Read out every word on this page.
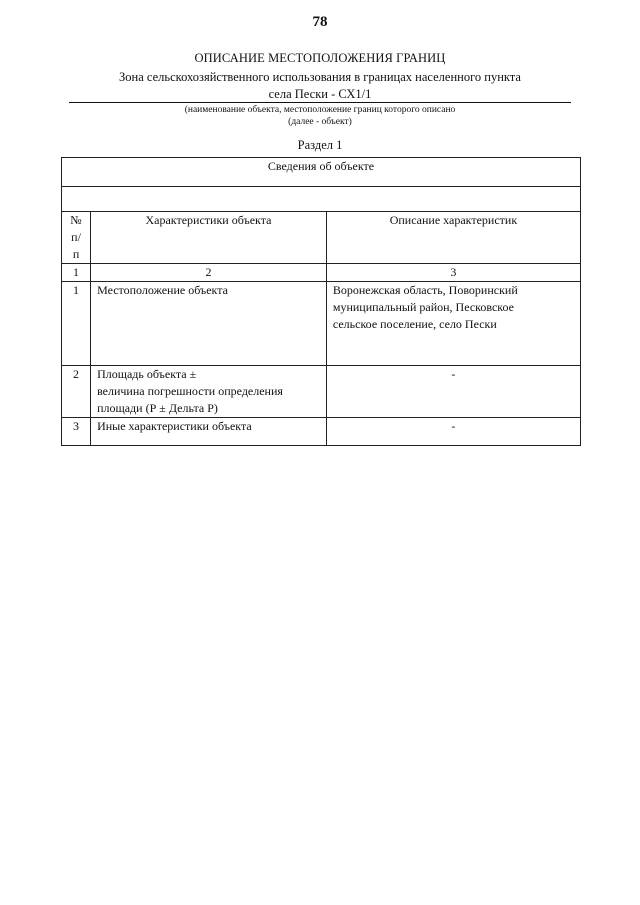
78
ОПИСАНИЕ МЕСТОПОЛОЖЕНИЯ ГРАНИЦ
Зона сельскохозяйственного использования в границах населенного пункта
села Пески - СХ1/1
(наименование объекта, местоположение границ которого описано
(далее - объект)
Раздел 1
Сведения об объекте		

№
п/п	Характеристики объекта	Описание характеристик
1	2	3
1	Местоположение объекта	Воронежская область, Поворинский
муниципальный район, Песковское
сельское поселение, село Пески

2	Площадь объекта ±
величина погрешности определения
площади (Р ± Дельта Р)	-
3	Иные характеристики объекта	-
